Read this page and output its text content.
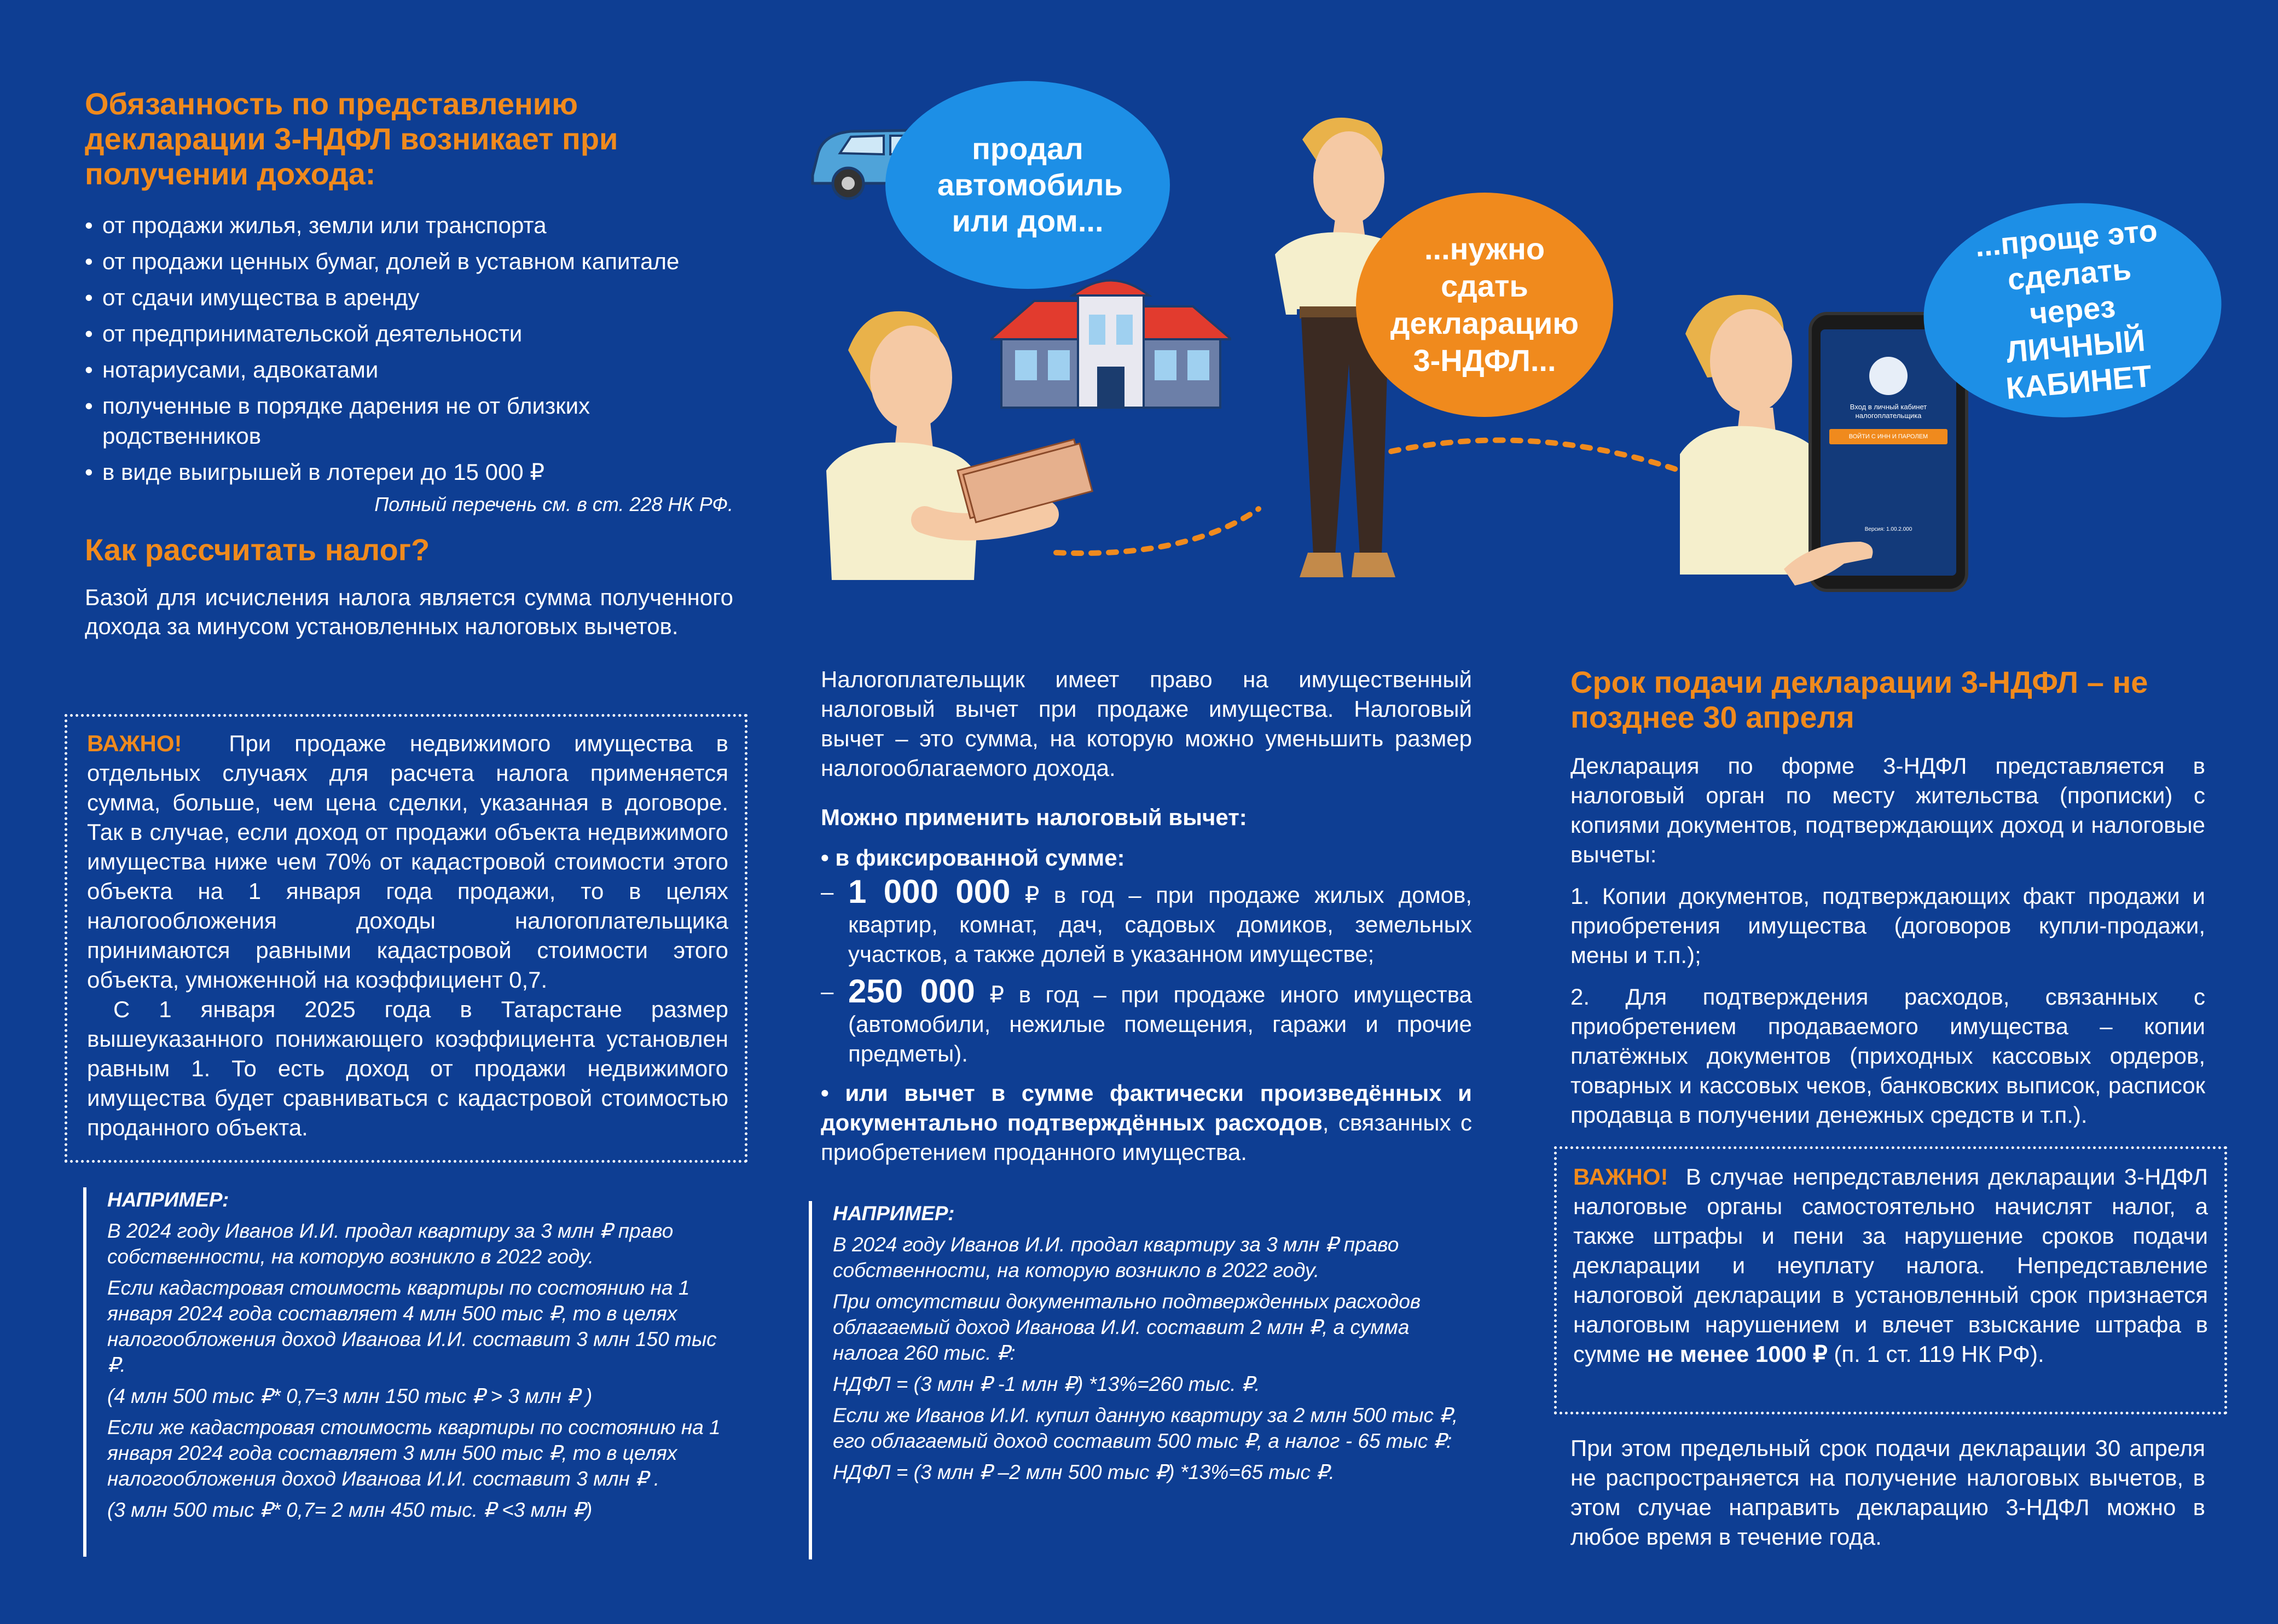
Обязанность по представлению декларации 3-НДФЛ возникает при получении дохода:
• от продажи жилья, земли или транспорта
• от продажи ценных бумаг, долей в уставном капитале
• от сдачи имущества в аренду
• от предпринимательской деятельности
• нотариусами, адвокатами
• полученные в порядке дарения не от близких родственников
• в виде выигрышей в лотереи до 15 000 ₽
Полный перечень см. в ст. 228 НК РФ.
Как рассчитать налог?

Базой для исчисления налога является сумма полученного дохода за минусом установленных налоговых вычетов.

ВАЖНО! При продаже недвижимого имущества в отдельных случаях для расчета налога применяется сумма, больше, чем цена сделки, указанная в договоре. Так в случае, если доход от продажи объекта недвижимого имущества ниже чем 70% от кадастровой стоимости этого объекта на 1 января года продажи, то в целях налогообложения доходы налогоплательщика принимаются равными кадастровой стоимости этого объекта, умноженной на коэффициент 0,7.

С 1 января 2025 года в Татарстане размер вышеуказанного понижающего коэффициента установлен равным 1. То есть доход от продажи недвижимого имущества будет сравниваться с кадастровой стоимостью проданного объекта.

НАПРИМЕР:

В 2024 году Иванов И.И. продал квартиру за 3 млн ₽ право собственности, на которую возникло в 2022 году.

Если кадастровая стоимость квартиры по состоянию на 1 января 2024 года составляет 4 млн 500 тыс ₽, то в целях налогообложения доход Иванова И.И. составит 3 млн 150 тыс ₽.

(4 млн 500 тыс ₽* 0,7=3 млн 150 тыс ₽ > 3 млн ₽ )

Если же кадастровая стоимость квартиры по состоянию на 1 января 2024 года составляет 3 млн 500 тыс ₽, то в целях налогообложения доход Иванова И.И. составит 3 млн ₽ .

(3 млн 500 тыс ₽* 0,7= 2 млн 450 тыс. ₽ <3 млн ₽)

продал автомобиль или дом...
...нужно сдать декларацию 3-НДФЛ...
Вход в личный кабинет налогоплательщика
ВОЙТИ С ИНН И ПАРОЛЕМ
Версия: 1.00.2.000
...проще это сделать через ЛИЧНЫЙ КАБИНЕТ

Налогоплательщик имеет право на имущественный налоговый вычет при продаже имущества. Налоговый вычет – это сумма, на которую можно уменьшить размер налогооблагаемого дохода.

Можно применить налоговый вычет:
• в фиксированной сумме:
– 1 000 000 ₽ в год – при продаже жилых домов, квартир, комнат, дач, садовых домиков, земельных участков, а также долей в указанном имуществе;

– 250 000 ₽ в год – при продаже иного имущества (автомобили, нежилые помещения, гаражи и прочие предметы).

• или вычет в сумме фактически произведённых и документально подтверждённых расходов, связанных с приобретением проданного имущества.

НАПРИМЕР:

В 2024 году Иванов И.И. продал квартиру за 3 млн ₽ право собственности, на которую возникло в 2022 году.

При отсутствии документально подтвержденных расходов облагаемый доход Иванова И.И. составит 2 млн ₽, а сумма налога 260 тыс. ₽:

НДФЛ = (3 млн ₽ -1 млн ₽) *13%=260 тыс. ₽.

Если же Иванов И.И. купил данную квартиру за 2 млн 500 тыс ₽, его облагаемый доход составит 500 тыс ₽, а налог - 65 тыс ₽:

НДФЛ = (3 млн ₽ –2 млн 500 тыс ₽) *13%=65 тыс ₽.

Срок подачи декларации 3-НДФЛ – не позднее 30 апреля

Декларация по форме 3-НДФЛ представляется в налоговый орган по месту жительства (прописки) с копиями документов, подтверждающих доход и налоговые вычеты:

1. Копии документов, подтверждающих факт продажи и приобретения имущества (договоров купли-продажи, мены и т.п.);

2. Для подтверждения расходов, связанных с приобретением продаваемого имущества – копии платёжных документов (приходных кассовых ордеров, товарных и кассовых чеков, банковских выписок, расписок продавца в получении денежных средств и т.п.).

ВАЖНО! В случае непредставления декларации 3-НДФЛ налоговые органы самостоятельно начислят налог, а также штрафы и пени за нарушение сроков подачи декларации и неуплату налога. Непредставление налоговой декларации в установленный срок признается налоговым нарушением и влечет взыскание штрафа в сумме не менее 1000 ₽ (п. 1 ст. 119 НК РФ).

При этом предельный срок подачи декларации 30 апреля не распространяется на получение налоговых вычетов, в этом случае направить декларацию 3-НДФЛ можно в любое время в течение года.
